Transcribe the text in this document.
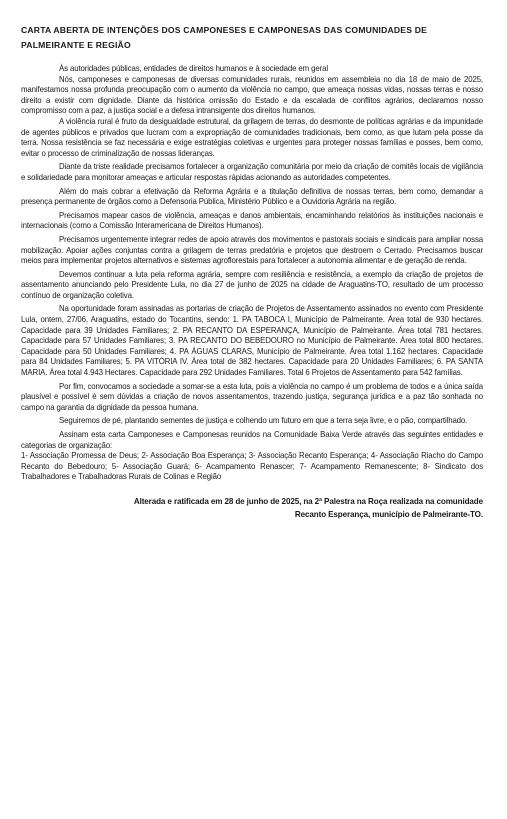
CARTA ABERTA DE INTENÇÕES DOS CAMPONESES E CAMPONESAS DAS COMUNIDADES DE PALMEIRANTE E REGIÃO

Às autoridades públicas, entidades de direitos humanos e à sociedade em geral

Nós, camponeses e camponesas de diversas comunidades rurais, reunidos em assembleia no dia 18 de maio de 2025, manifestamos nossa profunda preocupação com o aumento da violência no campo, que ameaça nossas vidas, nossas terras e nosso direito a existir com dignidade. Diante da histórica omissão do Estado e da escalada de conflitos agrários, declaramos nosso compromisso com a paz, a justiça social e a defesa intransigente dos direitos humanos.

A violência rural é fruto da desigualdade estrutural, da grilagem de terras, do desmonte de políticas agrárias e da impunidade de agentes públicos e privados que lucram com a expropriação de comunidades tradicionais, bem como, as que lutam pela posse da terra. Nossa resistência se faz necessária e exige estratégias coletivas e urgentes para proteger nossas famílias e posses, bem como, evitar o processo de criminalização de nossas lideranças.

Diante da triste realidade precisamos fortalecer a organização comunitária por meio da criação de comitês locais de vigilância e solidariedade para monitorar ameaças e articular respostas rápidas acionando as autoridades competentes.

Além do mais cobrar a efetivação da Reforma Agrária e a titulação definitiva de nossas terras, bem como, demandar a presença permanente de órgãos como a Defensoria Pública, Ministério Público e a Ouvidoria Agrária na região.

Precisamos mapear casos de violência, ameaças e danos ambientais, encaminhando relatórios às instituições nacionais e internacionais (como a Comissão Interamericana de Direitos Humanos).

Precisamos urgentemente integrar redes de apoio através dos movimentos e pastorais sociais e sindicais para ampliar nossa mobilização. Apoiar ações conjuntas contra a grilagem de terras predatória e projetos que destroem o Cerrado. Precisamos buscar meios para implementar projetos alternativos e sistemas agroflorestais para fortalecer a autonomia alimentar e de geração de renda.

Devemos continuar a luta pela reforma agrária, sempre com resiliência e resistência, a exemplo da criação de projetos de assentamento anunciando pelo Presidente Lula, no dia 27 de junho de 2025 na cidade de Araguatins-TO, resultado de um processo contínuo de organização coletiva.

Na oportunidade foram assinadas as portarias de criação de Projetos de Assentamento assinados no evento com Presidente Lula, ontem, 27/06, Araguatins, estado do Tocantins, sendo: 1. PA TABOCA I, Município de Palmeirante. Área total de 930 hectares. Capacidade para 39 Unidades Familiares; 2. PA RECANTO DA ESPERANÇA, Município de Palmeirante. Área total 781 hectares. Capacidade para 57 Unidades Familiares; 3. PA RECANTO DO BEBEDOURO no Município de Palmeirante. Área total 800 hectares. Capacidade para 50 Unidades Familiares; 4. PA ÁGUAS CLARAS, Município de Palmeirante. Área total 1.162 hectares. Capacidade para 84 Unidades Familiares; 5. PA VITÓRIA IV. Área total de 382 hectares. Capacidade para 20 Unidades Familiares; 6. PA SANTA MARIA. Área total 4.943 Hectares. Capacidade para 292 Unidades Familiares. Total 6 Projetos de Assentamento para 542 famílias.

Por fim, convocamos a sociedade a somar-se a esta luta, pois a violência no campo é um problema de todos e a única saída plausível e possível é sem dúvidas a criação de novos assentamentos, trazendo justiça, segurança jurídica e a paz tão sonhada no campo na garantia da dignidade da pessoa humana.

Seguiremos de pé, plantando sementes de justiça e colhendo um futuro em que a terra seja livre, e o pão, compartilhado.

Assinam esta carta Camponeses e Camponesas reunidos na Comunidade Baixa Verde através das seguintes entidades e categorias de organização:

1- Associação Promessa de Deus; 2- Associação Boa Esperança; 3- Associação Recanto Esperança; 4- Associação Riacho do Campo Recanto do Bebedouro; 5- Associação Guará; 6- Acampamento Renascer; 7- Acampamento Remanescente; 8- Sindicato dos Trabalhadores e Trabalhadoras Rurais de Colinas e Região

Alterada e ratificada em 28 de junho de 2025, na 2ª Palestra na Roça realizada na comunidade
Recanto Esperança, município de Palmeirante-TO.
